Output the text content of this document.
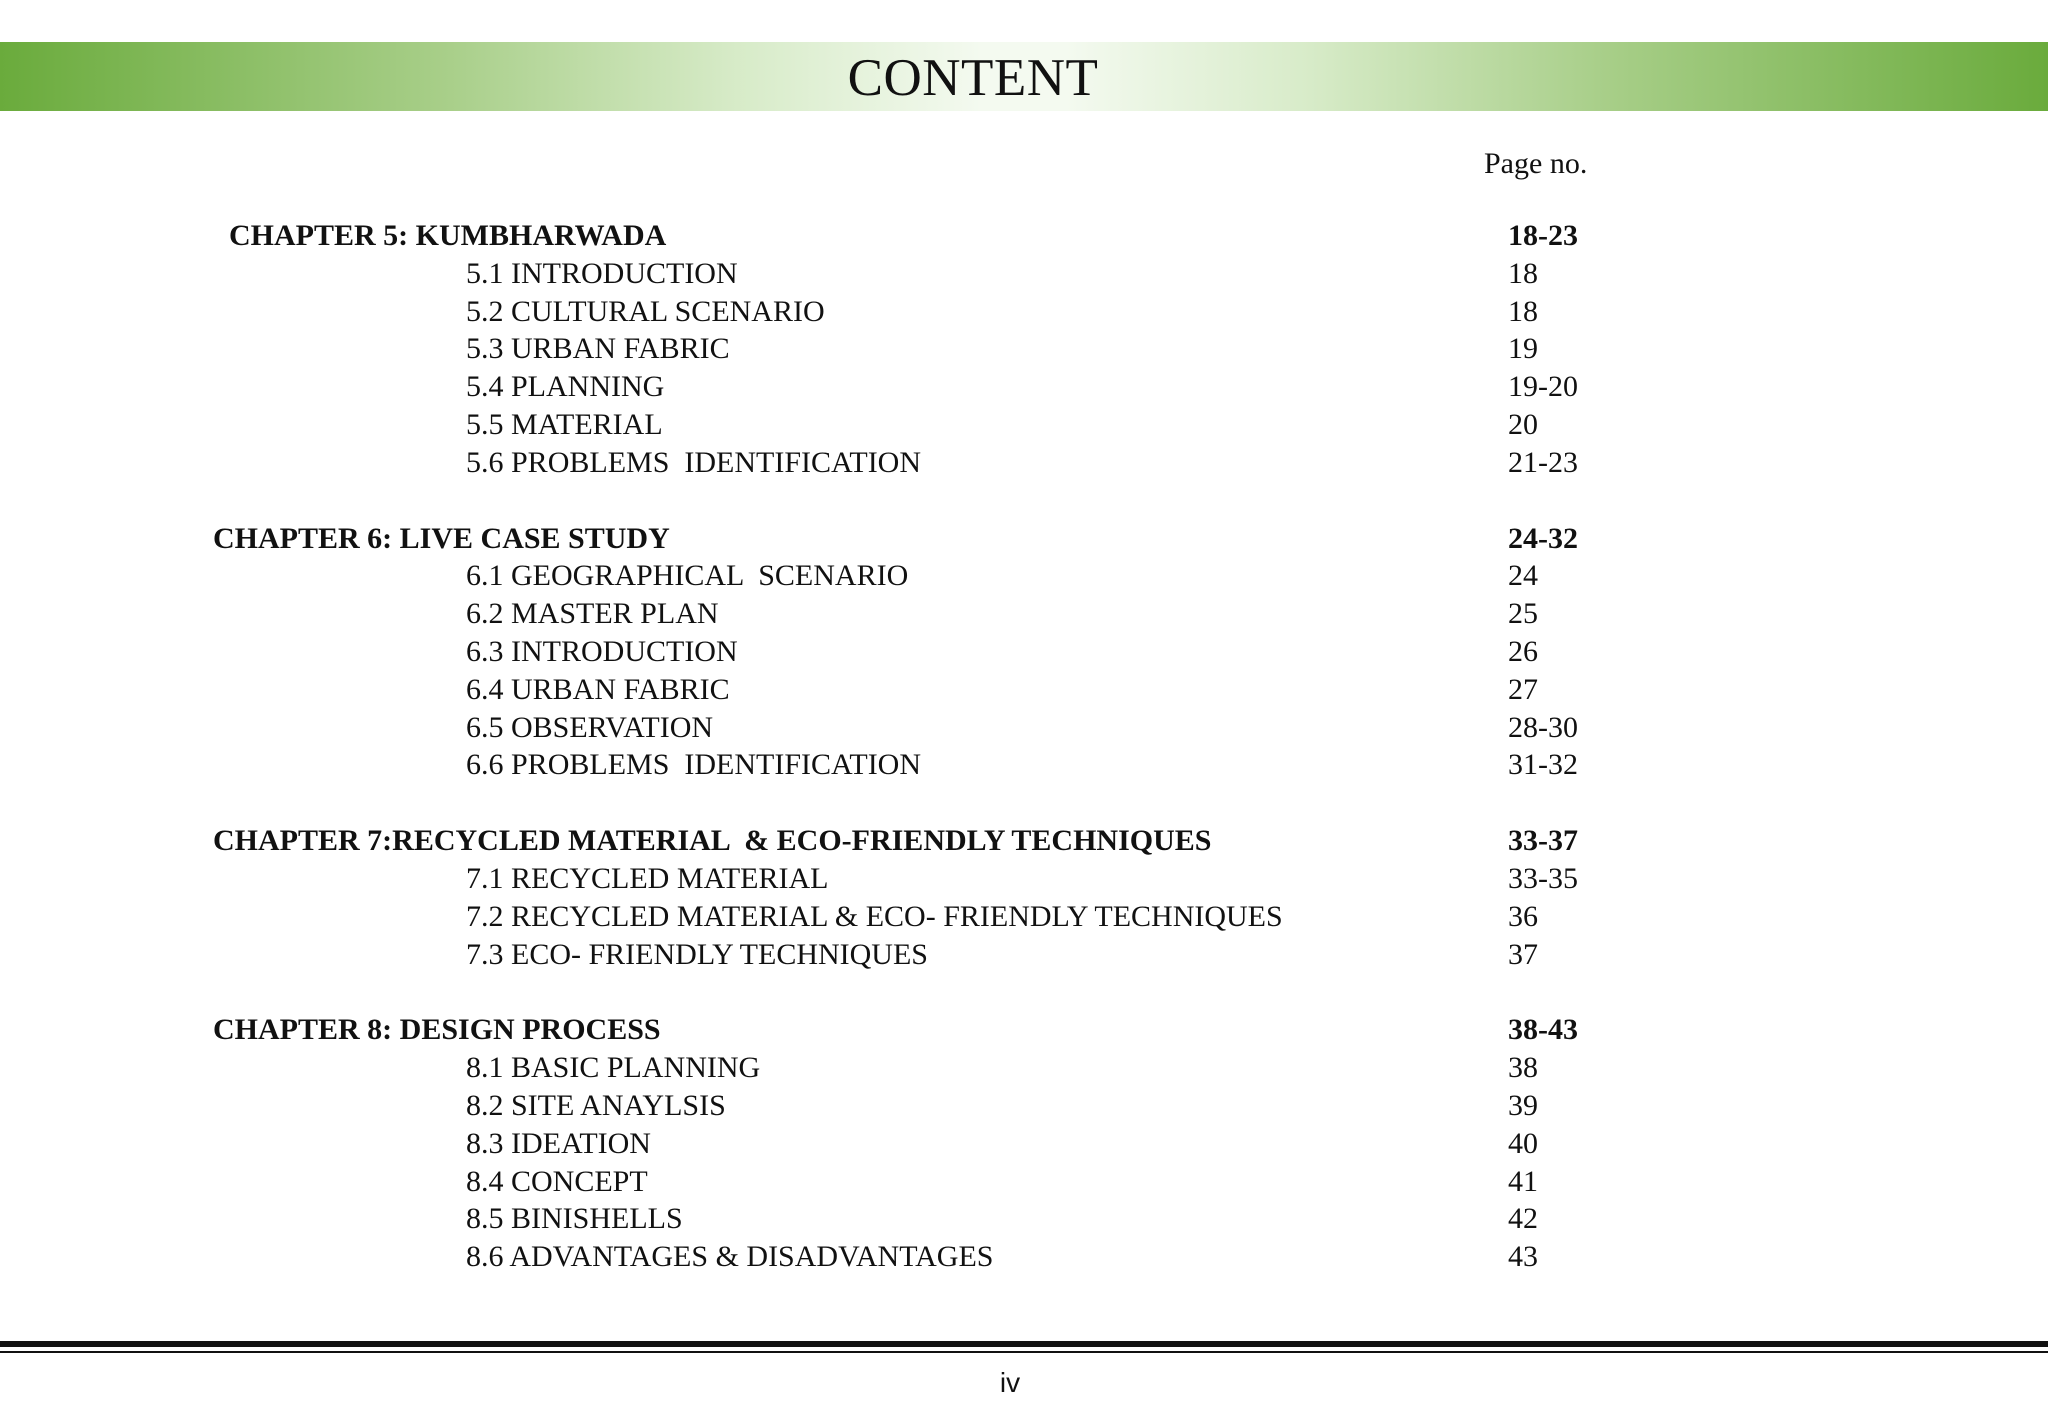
CONTENT
Page no.
CHAPTER 5: KUMBHARWADA	18-23
5.1 INTRODUCTION	18
5.2 CULTURAL SCENARIO	18
5.3 URBAN FABRIC	19
5.4 PLANNING	19-20
5.5 MATERIAL	20
5.6 PROBLEMS  IDENTIFICATION	21-23
CHAPTER 6: LIVE CASE STUDY	24-32
6.1 GEOGRAPHICAL  SCENARIO	24
6.2 MASTER PLAN	25
6.3 INTRODUCTION	26
6.4 URBAN FABRIC	27
6.5 OBSERVATION	28-30
6.6 PROBLEMS  IDENTIFICATION	31-32
CHAPTER 7:RECYCLED MATERIAL  & ECO-FRIENDLY TECHNIQUES	33-37
7.1 RECYCLED MATERIAL	33-35
7.2 RECYCLED MATERIAL & ECO- FRIENDLY TECHNIQUES	36
7.3 ECO- FRIENDLY TECHNIQUES	37
CHAPTER 8: DESIGN PROCESS	38-43
8.1 BASIC PLANNING	38
8.2 SITE ANAYLSIS	39
8.3 IDEATION	40
8.4 CONCEPT	41
8.5 BINISHELLS	42
8.6 ADVANTAGES & DISADVANTAGES	43
iv
